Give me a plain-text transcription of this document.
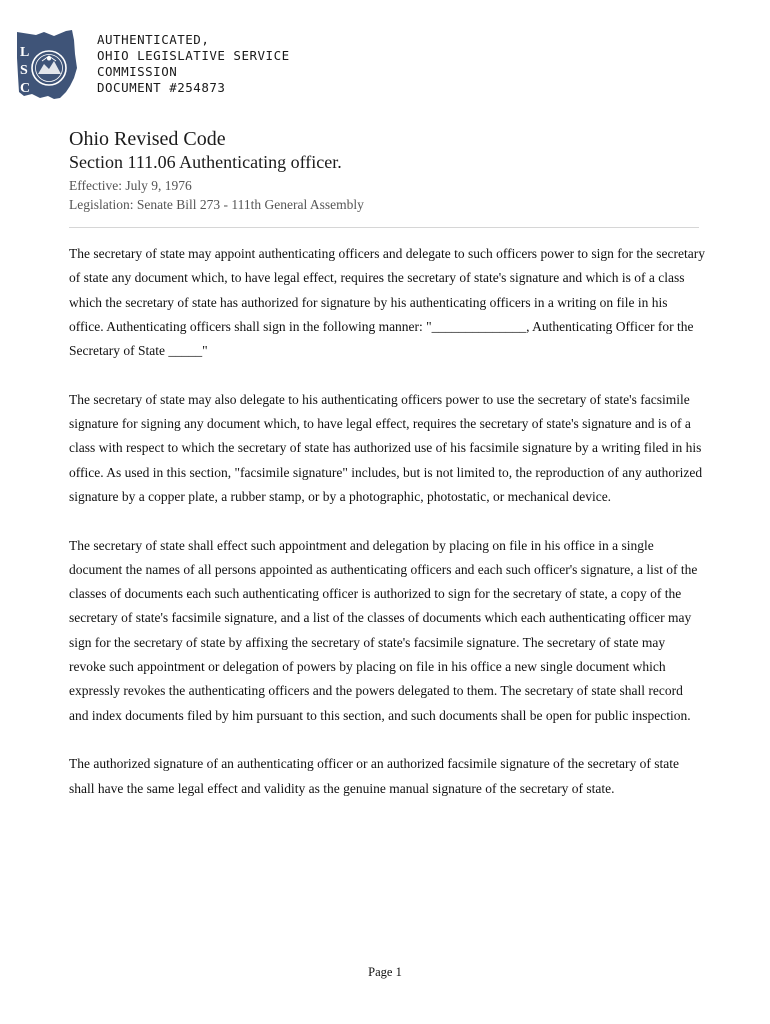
L
S
C
AUTHENTICATED,
OHIO LEGISLATIVE SERVICE
COMMISSION
DOCUMENT #254873
Ohio Revised Code
Section 111.06 Authenticating officer.
Effective: July 9, 1976
Legislation: Senate Bill 273 - 111th General Assembly

The secretary of state may appoint authenticating officers and delegate to such officers power to sign for the secretary of state any document which, to have legal effect, requires the secretary of state's signature and which is of a class which the secretary of state has authorized for signature by his authenticating officers in a writing on file in his office. Authenticating officers shall sign in the following manner: "______________, Authenticating Officer for the Secretary of State _____"

The secretary of state may also delegate to his authenticating officers power to use the secretary of state's facsimile signature for signing any document which, to have legal effect, requires the secretary of state's signature and is of a class with respect to which the secretary of state has authorized use of his facsimile signature by a writing filed in his office. As used in this section, "facsimile signature" includes, but is not limited to, the reproduction of any authorized signature by a copper plate, a rubber stamp, or by a photographic, photostatic, or mechanical device.

The secretary of state shall effect such appointment and delegation by placing on file in his office in a single document the names of all persons appointed as authenticating officers and each such officer's signature, a list of the classes of documents each such authenticating officer is authorized to sign for the secretary of state, a copy of the secretary of state's facsimile signature, and a list of the classes of documents which each authenticating officer may sign for the secretary of state by affixing the secretary of state's facsimile signature. The secretary of state may revoke such appointment or delegation of powers by placing on file in his office a new single document which expressly revokes the authenticating officers and the powers delegated to them. The secretary of state shall record and index documents filed by him pursuant to this section, and such documents shall be open for public inspection.

The authorized signature of an authenticating officer or an authorized facsimile signature of the secretary of state shall have the same legal effect and validity as the genuine manual signature of the secretary of state.

Page 1
